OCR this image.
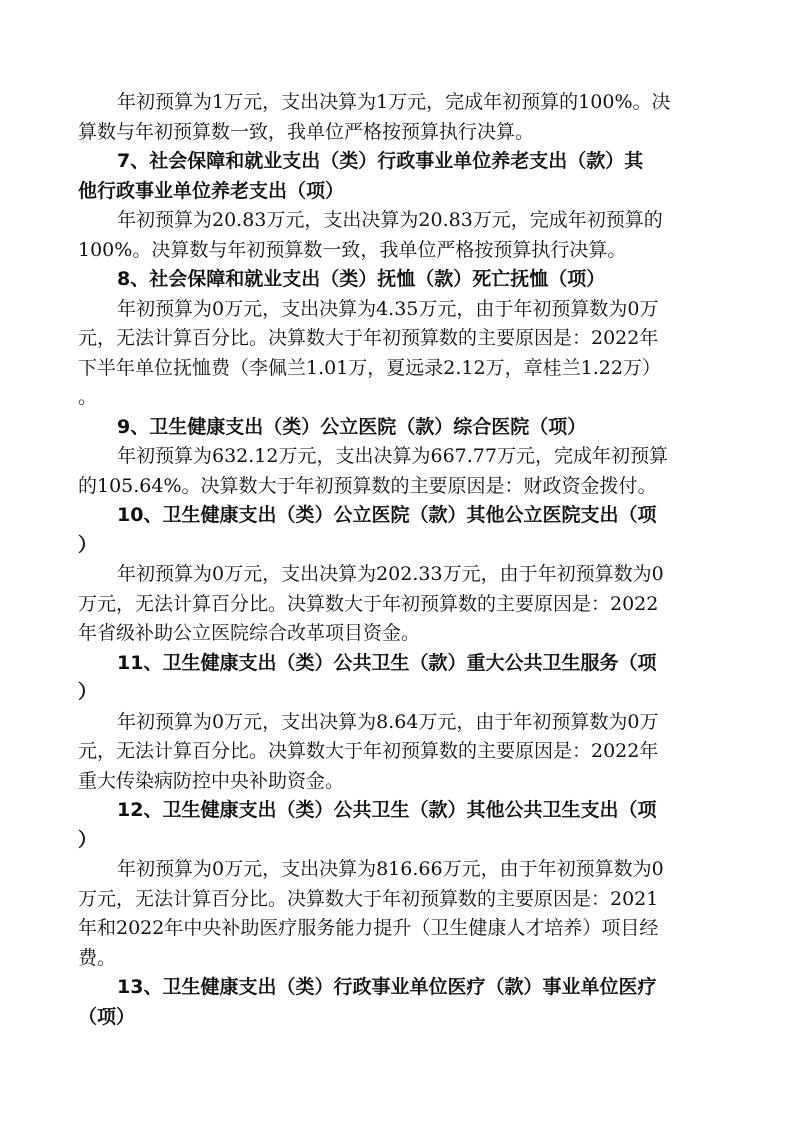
年初预算为1万元，支出决算为1万元，完成年初预算的100%。决
算数与年初预算数一致，我单位严格按预算执行决算。
7、社会保障和就业支出（类）行政事业单位养老支出（款）其
他行政事业单位养老支出（项）
年初预算为20.83万元，支出决算为20.83万元，完成年初预算的
100%。决算数与年初预算数一致，我单位严格按预算执行决算。
8、社会保障和就业支出（类）抚恤（款）死亡抚恤（项）
年初预算为0万元，支出决算为4.35万元，由于年初预算数为0万
元，无法计算百分比。决算数大于年初预算数的主要原因是：2022年
下半年单位抚恤费（李佩兰1.01万，夏远录2.12万，章桂兰1.22万）
。
9、卫生健康支出（类）公立医院（款）综合医院（项）
年初预算为632.12万元，支出决算为667.77万元，完成年初预算
的105.64%。决算数大于年初预算数的主要原因是：财政资金拨付。
10、卫生健康支出（类）公立医院（款）其他公立医院支出（项
）
年初预算为0万元，支出决算为202.33万元，由于年初预算数为0
万元，无法计算百分比。决算数大于年初预算数的主要原因是：2022
年省级补助公立医院综合改革项目资金。
11、卫生健康支出（类）公共卫生（款）重大公共卫生服务（项
）
年初预算为0万元，支出决算为8.64万元，由于年初预算数为0万
元，无法计算百分比。决算数大于年初预算数的主要原因是：2022年
重大传染病防控中央补助资金。
12、卫生健康支出（类）公共卫生（款）其他公共卫生支出（项
）
年初预算为0万元，支出决算为816.66万元，由于年初预算数为0
万元，无法计算百分比。决算数大于年初预算数的主要原因是：2021
年和2022年中央补助医疗服务能力提升（卫生健康人才培养）项目经
费。
13、卫生健康支出（类）行政事业单位医疗（款）事业单位医疗
（项）
